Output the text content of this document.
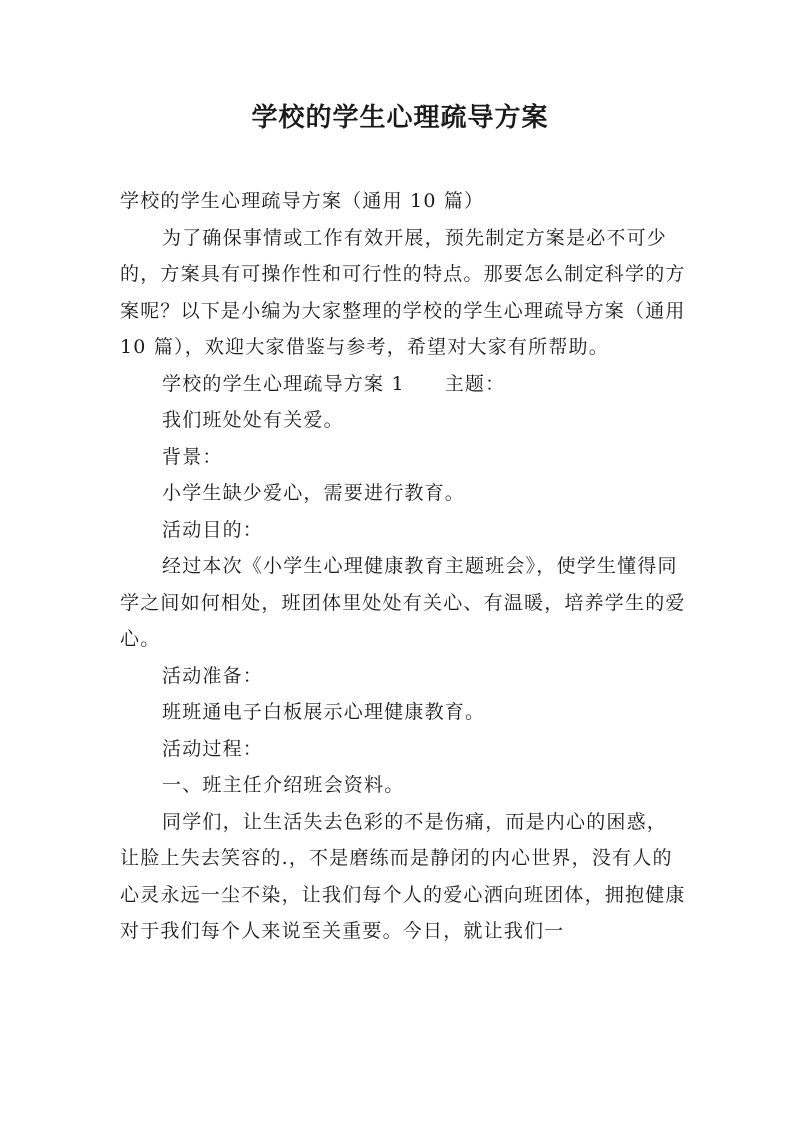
学校的学生心理疏导方案

学校的学生心理疏导方案（通用 10 篇）

为了确保事情或工作有效开展，预先制定方案是必不可少的，方案具有可操作性和可行性的特点。那要怎么制定科学的方案呢？以下是小编为大家整理的学校的学生心理疏导方案（通用 10 篇），欢迎大家借鉴与参考，希望对大家有所帮助。

学校的学生心理疏导方案 1 主题：

我们班处处有关爱。

背景：

小学生缺少爱心，需要进行教育。

活动目的：

经过本次《小学生心理健康教育主题班会》，使学生懂得同学之间如何相处，班团体里处处有关心、有温暖，培养学生的爱心。

活动准备：

班班通电子白板展示心理健康教育。

活动过程：

一、班主任介绍班会资料。

同学们，让生活失去色彩的不是伤痛，而是内心的困惑，让脸上失去笑容的.，不是磨练而是静闭的内心世界，没有人的心灵永远一尘不染，让我们每个人的爱心洒向班团体，拥抱健康对于我们每个人来说至关重要。今日，就让我们一
